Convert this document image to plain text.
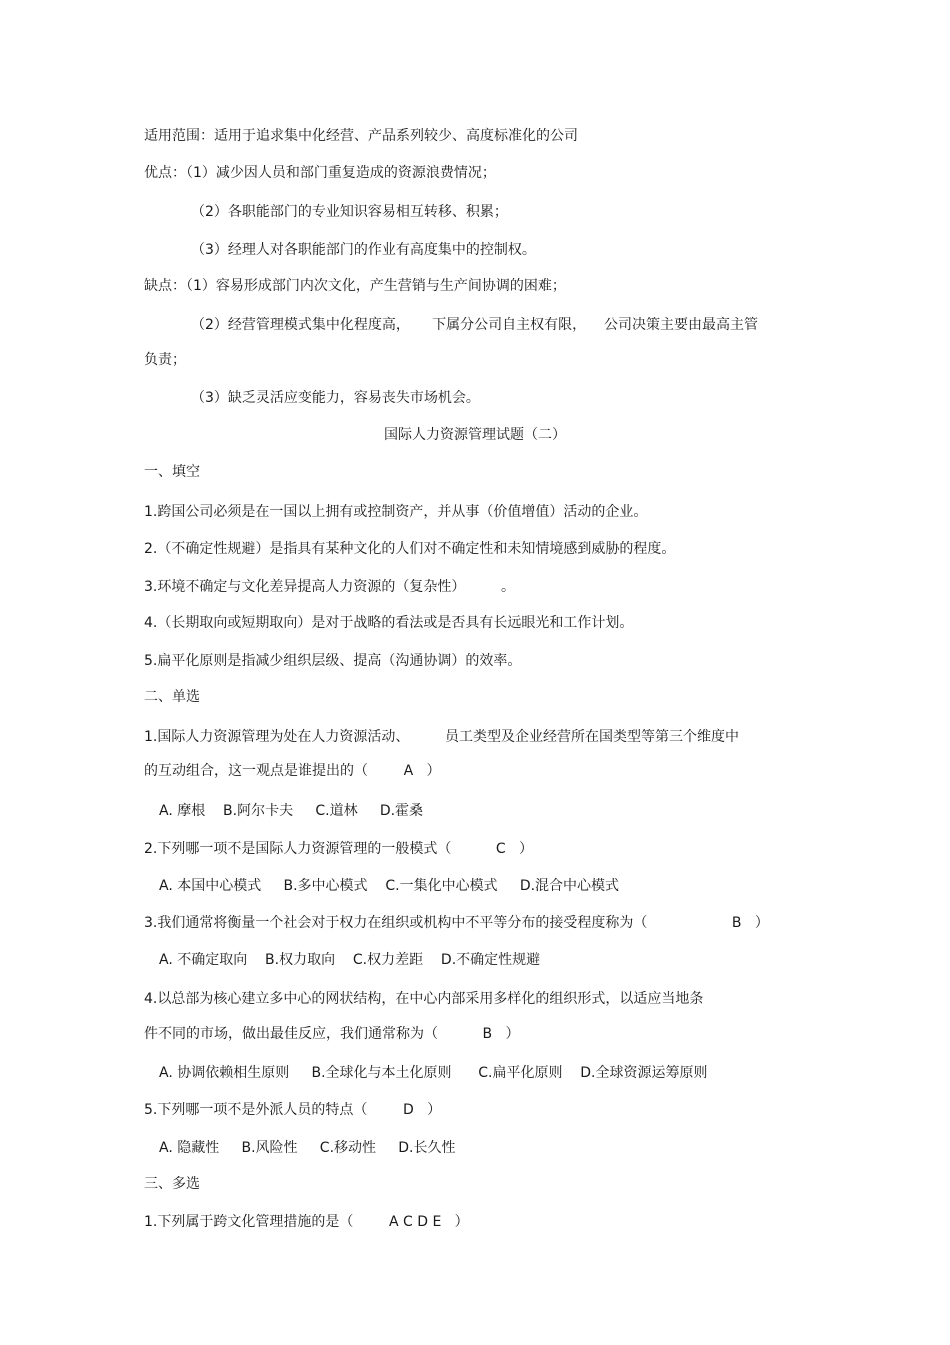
适用范围：适用于追求集中化经营、产品系列较少、高度标准化的公司
优点：（1）减少因人员和部门重复造成的资源浪费情况；
（2）各职能部门的专业知识容易相互转移、积累；
（3）经理人对各职能部门的作业有高度集中的控制权。
缺点：（1）容易形成部门内次文化，产生营销与生产间协调的困难；
（2）经营管理模式集中化程度高，     下属分公司自主权有限，    公司决策主要由最高主管
负责；
（3）缺乏灵活应变能力，容易丧失市场机会。
国际人力资源管理试题（二）
一、填空
1.跨国公司必须是在一国以上拥有或控制资产，并从事（价值增值）活动的企业。
2.（不确定性规避）是指具有某种文化的人们对不确定性和未知情境感到威胁的程度。
3.环境不确定与文化差异提高人力资源的（复杂性）        。
4.（长期取向或短期取向）是对于战略的看法或是否具有长远眼光和工作计划。
5.扁平化原则是指减少组织层级、提高（沟通协调）的效率。
二、单选
1.国际人力资源管理为处在人力资源活动、        员工类型及企业经营所在国类型等第三个维度中
的互动组合，这一观点是谁提出的（        A   ）
A. 摩根    B.阿尔卡夫     C.道林     D.霍桑
2.下列哪一项不是国际人力资源管理的一般模式（          C   ）
A. 本国中心模式     B.多中心模式    C.一集化中心模式     D.混合中心模式
3.我们通常将衡量一个社会对于权力在组织或机构中不平等分布的接受程度称为（                   B   ）
A. 不确定取向    B.权力取向    C.权力差距    D.不确定性规避
4.以总部为核心建立多中心的网状结构，在中心内部采用多样化的组织形式，以适应当地条
件不同的市场，做出最佳反应，我们通常称为（          B   ）
A. 协调依赖相生原则     B.全球化与本土化原则      C.扁平化原则    D.全球资源运筹原则
5.下列哪一项不是外派人员的特点（        D   ）
A. 隐藏性     B.风险性     C.移动性     D.长久性
三、多选
1.下列属于跨文化管理措施的是（        A C D E   ）
